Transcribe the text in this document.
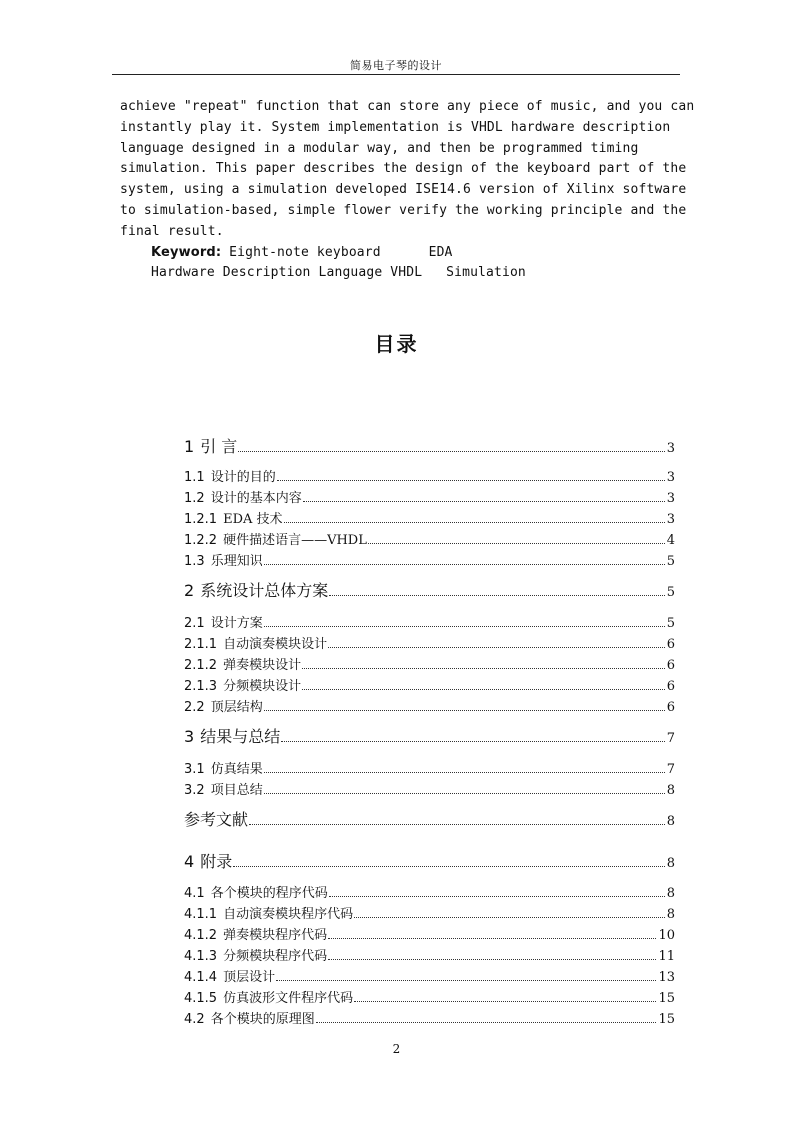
简易电子琴的设计
achieve "repeat" function that can store any piece of music, and you can
instantly play it. System implementation is VHDL hardware description
language designed in a modular way, and then be programmed timing
simulation. This paper describes the design of the keyboard part of the
system, using a simulation developed ISE14.6 version of Xilinx software
to simulation-based, simple flower verify the working principle and the
final result.
Keyword: Eight-note keyboard      EDA
Hardware Description Language VHDL   Simulation
目录
1 引 言	3
1.1 设计的目的	3
1.2 设计的基本内容	3
1.2.1 EDA 技术	3
1.2.2 硬件描述语言——VHDL	4
1.3 乐理知识	5
2 系统设计总体方案	5
2.1 设计方案	5
2.1.1 自动演奏模块设计	6
2.1.2 弹奏模块设计	6
2.1.3 分频模块设计	6
2.2 顶层结构	6
3 结果与总结	7
3.1 仿真结果	7
3.2 项目总结	8
参考文献	8
4 附录	8
4.1 各个模块的程序代码	8
4.1.1 自动演奏模块程序代码	8
4.1.2 弹奏模块程序代码	10
4.1.3 分频模块程序代码	11
4.1.4 顶层设计	13
4.1.5 仿真波形文件程序代码	15
4.2 各个模块的原理图	15
2
